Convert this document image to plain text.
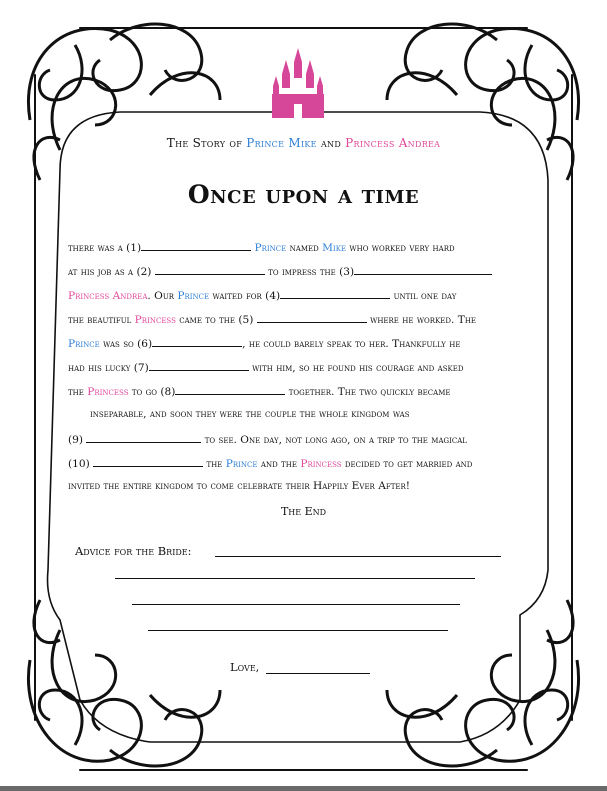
The Story of Prince Mike and Princess Andrea
Once upon a time
there was a (1)	Prince named Mike who worked very hard
at his job as a (2)	to impress the (3)
Princess Andrea. Our Prince waited for (4)	until one day
the beautiful Princess came to the (5)	where he worked. The
Prince was so (6)	, he could barely speak to her. Thankfully he
had his lucky (7)	with him, so he found his courage and asked
the Princess to go (8)	together. The two quickly became
inseparable, and soon they were the couple the whole kingdom was
(9)	to see. One day, not long ago, on a trip to the magical
(10)	the Prince and the Princess decided to get married and
invited the entire kingdom to come celebrate their Happily Ever After!
The End
Advice for the Bride:
Love,
